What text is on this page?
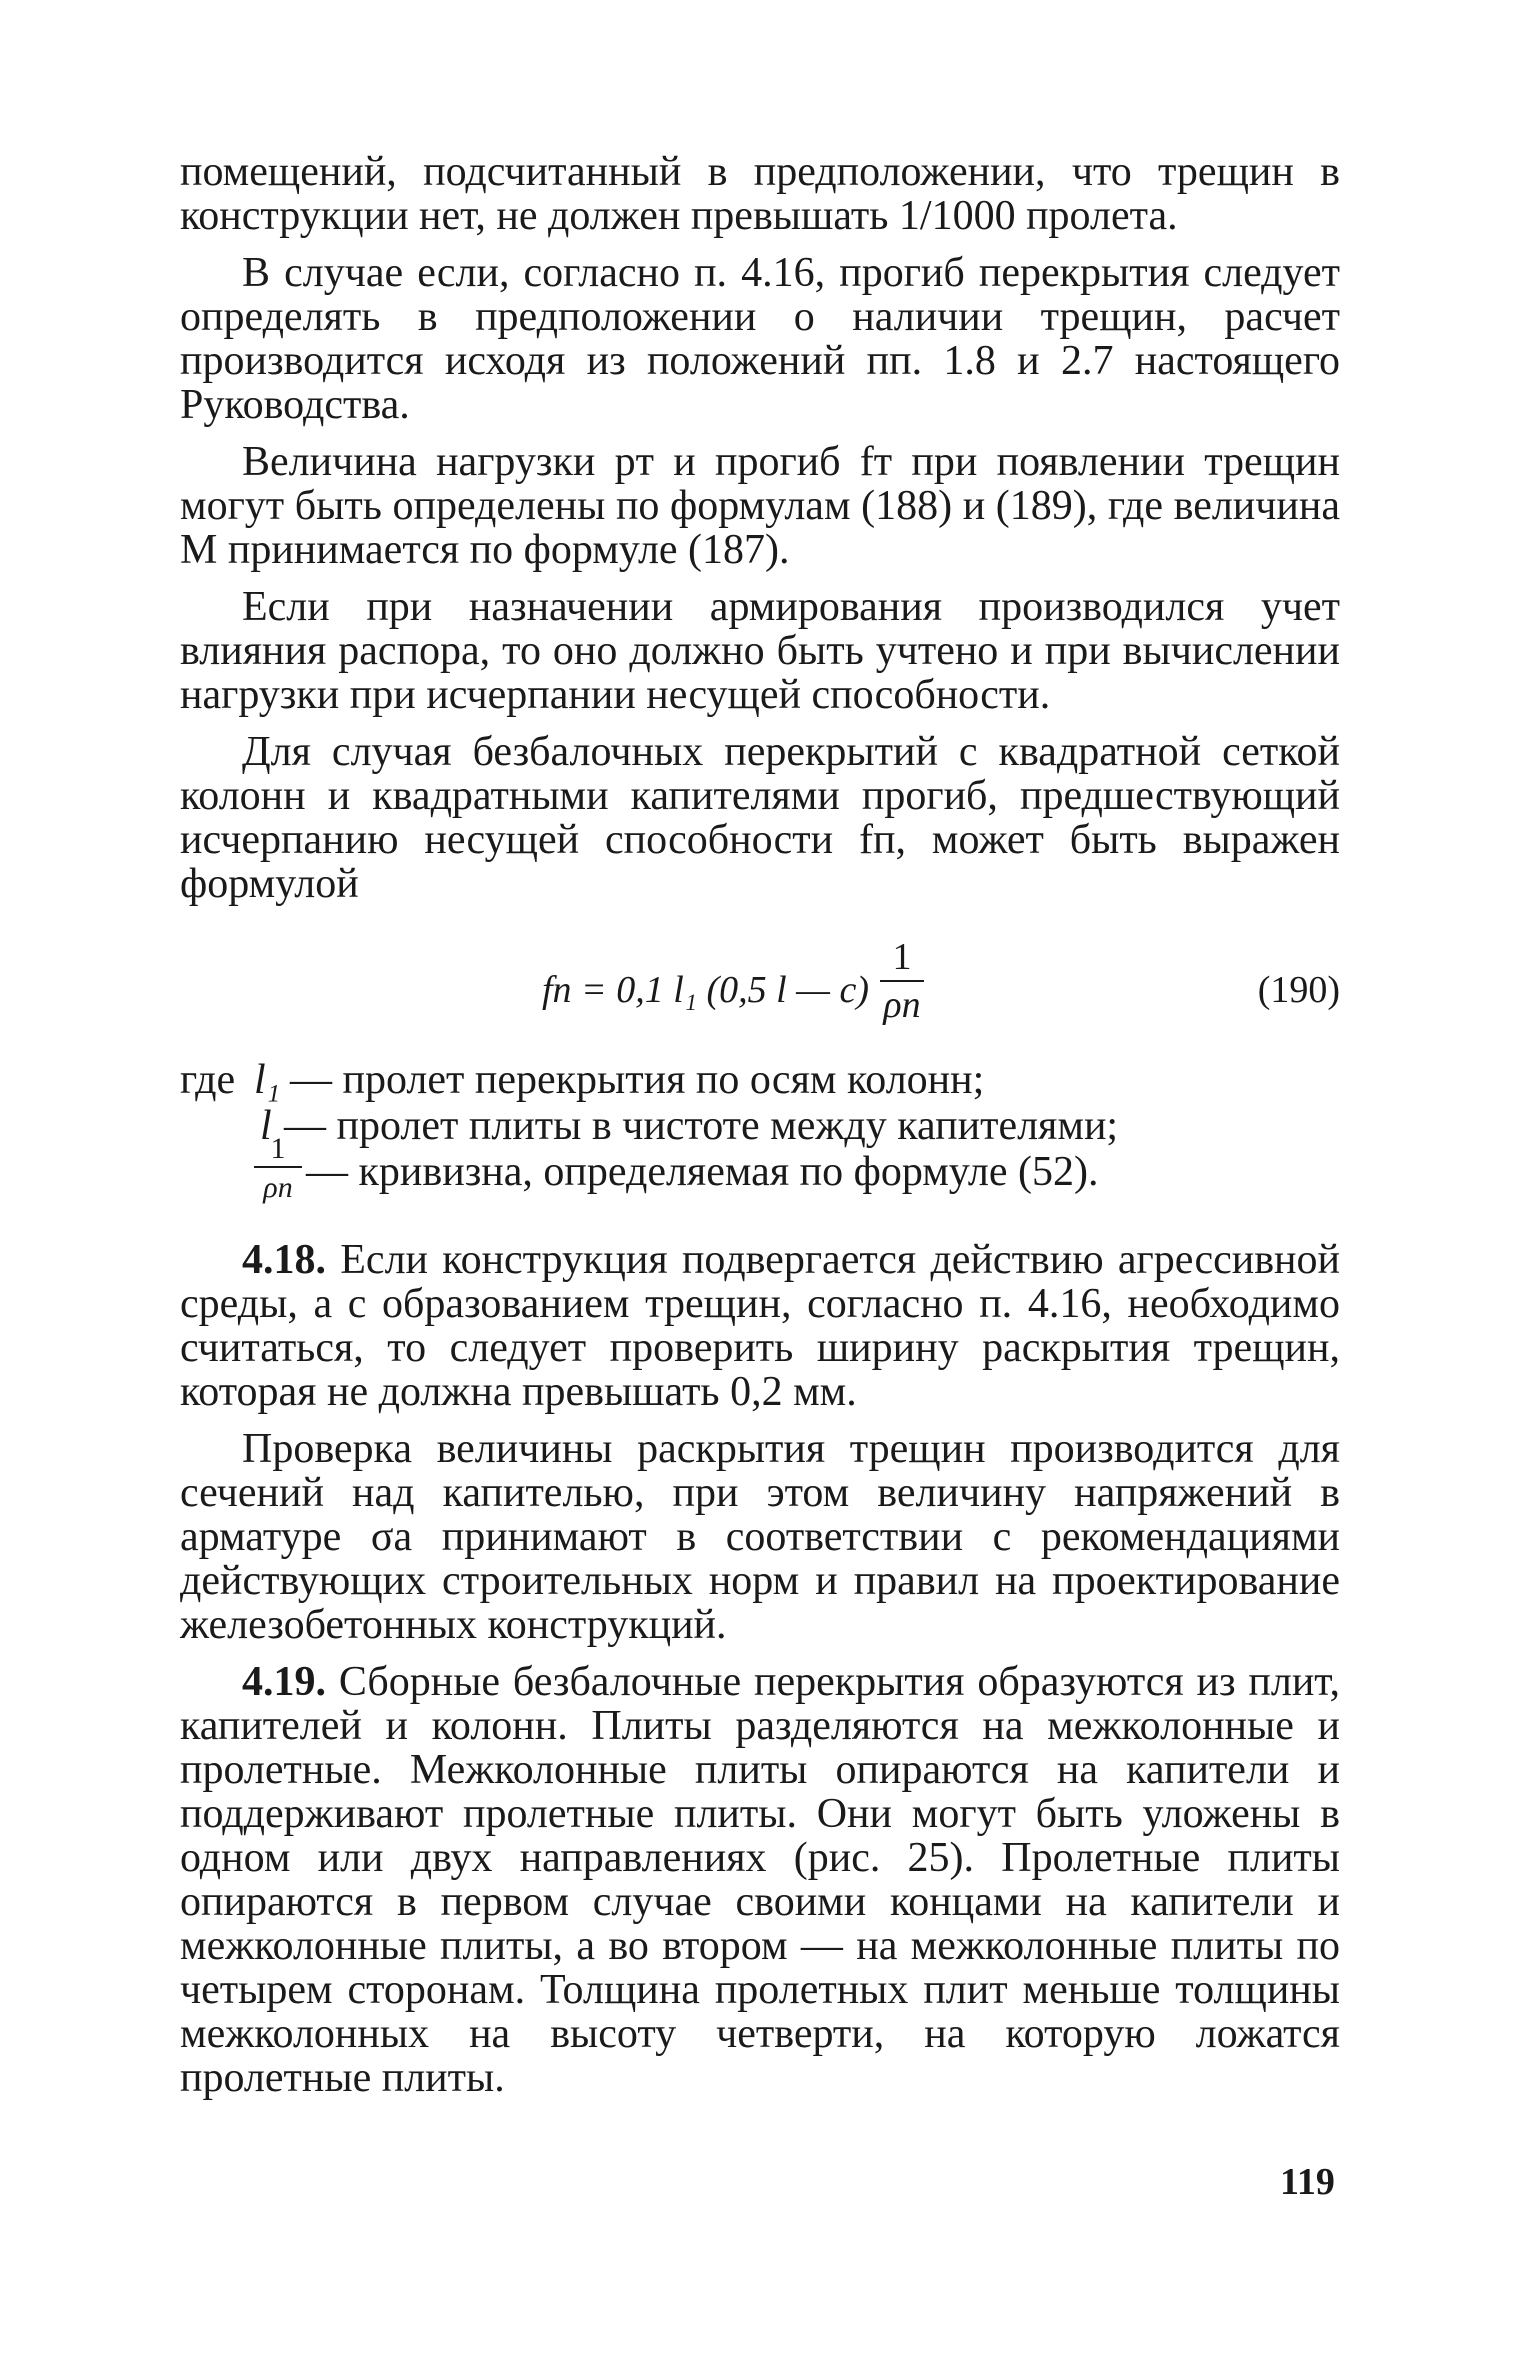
помещений, подсчитанный в предположении, что трещин в конструкции нет, не должен превышать 1/1000 пролета.

В случае если, согласно п. 4.16, прогиб перекрытия следует определять в предположении о наличии трещин, расчет производится исходя из положений пп. 1.8 и 2.7 настоящего Руководства.

Величина нагрузки pт и прогиб fт при появлении трещин могут быть определены по формулам (188) и (189), где величина M принимается по формуле (187).

Если при назначении армирования производился учет влияния распора, то оно должно быть учтено и при вычислении нагрузки при исчерпании несущей способности.

Для случая безбалочных перекрытий с квадратной сеткой колонн и квадратными капителями прогиб, предшествующий исчерпанию несущей способности fп, может быть выражен формулой

fп = 0,1 l₁ (0,5 l — c)
1
ρп	(190)
где l₁ — пролет перекрытия по осям колонн;
l — пролет плиты в чистоте между капителями;
1
ρп — кривизна, определяемая по формуле (52).

4.18. Если конструкция подвергается действию агрессивной среды, а с образованием трещин, согласно п. 4.16, необходимо считаться, то следует проверить ширину раскрытия трещин, которая не должна превышать 0,2 мм.

Проверка величины раскрытия трещин производится для сечений над капителью, при этом величину напряжений в арматуре σа принимают в соответствии с рекомендациями действующих строительных норм и правил на проектирование железобетонных конструкций.

4.19. Сборные безбалочные перекрытия образуются из плит, капителей и колонн. Плиты разделяются на межколонные и пролетные. Межколонные плиты опираются на капители и поддерживают пролетные плиты. Они могут быть уложены в одном или двух направлениях (рис. 25). Пролетные плиты опираются в первом случае своими концами на капители и межколонные плиты, а во втором — на межколонные плиты по четырем сторонам. Толщина пролетных плит меньше толщины межколонных на высоту четверти, на которую ложатся пролетные плиты.

119
